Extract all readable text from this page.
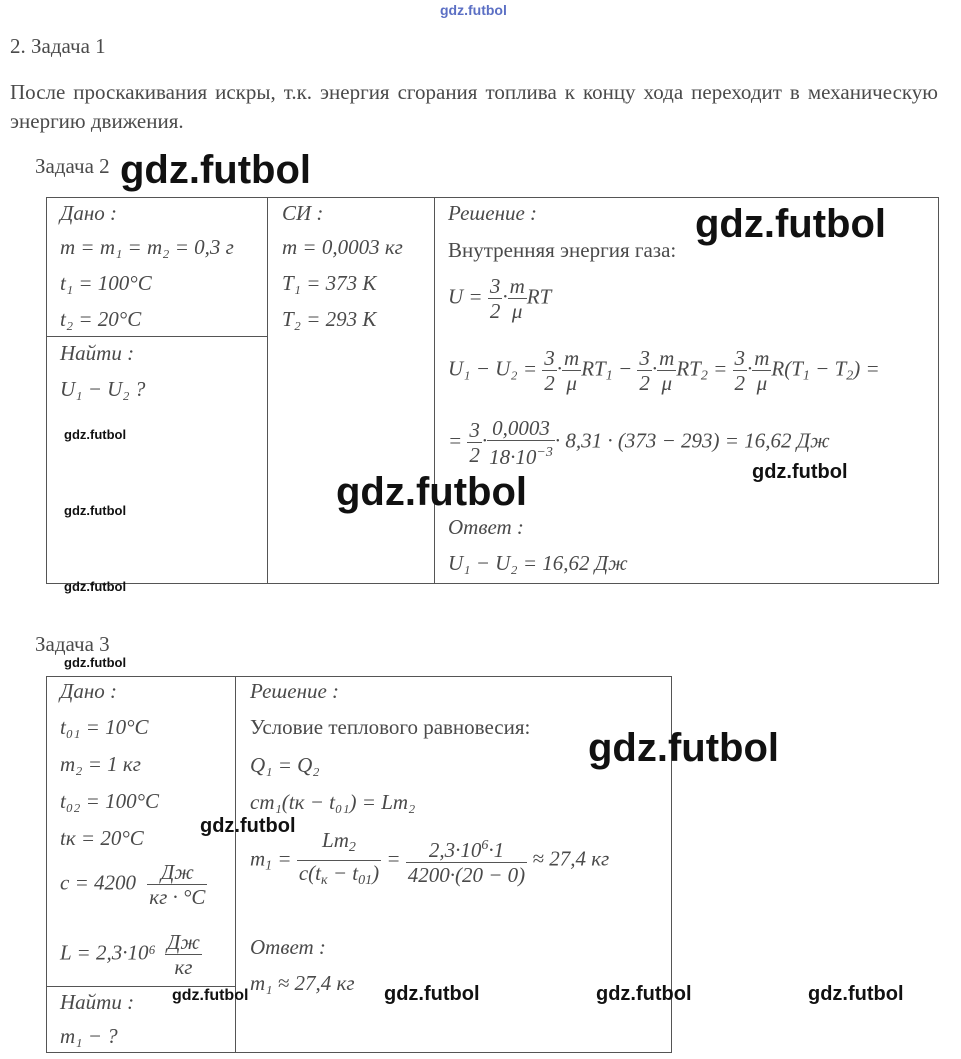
gdz.futbol
2. Задача 1
После проскакивания искры, т.к. энергия сгорания топлива к концу хода переходит в механическую энергию движения.
Задача 2 gdz.futbol
Дано :
m = m₁ = m₂ = 0,3 г
t₁ = 100°C
t₂ = 20°C
Найти :
U₁ − U₂ ?
gdz.futbol
gdz.futbol
gdz.futbol
СИ :
m = 0,0003 кг
T₁ = 373 К
T₂ = 293 К
Решение :	gdz.futbol
Внутренняя энергия газа:
$U = \frac{3}{2} \cdot \frac{m}{\mu}$ RT
$U_1 - U_2 = \frac{3}{2} \cdot \frac{m}{\mu} RT_1 - \frac{3}{2} \cdot \frac{m}{\mu} RT_2 = \frac{3}{2} \cdot \frac{m}{\mu} R(T_1 - T_2)$ =
= $\frac{3}{2} \cdot \frac{0,0003}{18\cdot 10^{-3}} \cdot 8,31 \cdot (373 - 293) = 16,62$ Дж
gdz.futbol
gdz.futbol
Ответ :
U₁ − U₂ = 16,62 Дж
Задача 3
gdz.futbol
Дано :
t₀₁ = 10°C
m₂ = 1 кг
t₀₂ = 100°C
tк = 20°C
$c = 4200 \frac{Дж}{кг \cdot ^\circ C}$
$L = 2,3\cdot 10^6 \frac{Дж}{кг}$
Найти :
m₁ − ?
Решение :
Условие теплового равновесия: gdz.futbol
Q₁ = Q₂
cm₁(tк − t₀₁) = Lm₂
gdz.futbol
$m_1 = \frac{Lm_2}{c(t_к - t_{01})} = \frac{2,3\cdot 10^6\cdot 1}{4200\cdot(20 - 0)} \approx 27,4$ кг
Ответ :
m₁ ≈ 27,4 кг
gdz.futbol	gdz.futbol	gdz.futbol	gdz.futbol
